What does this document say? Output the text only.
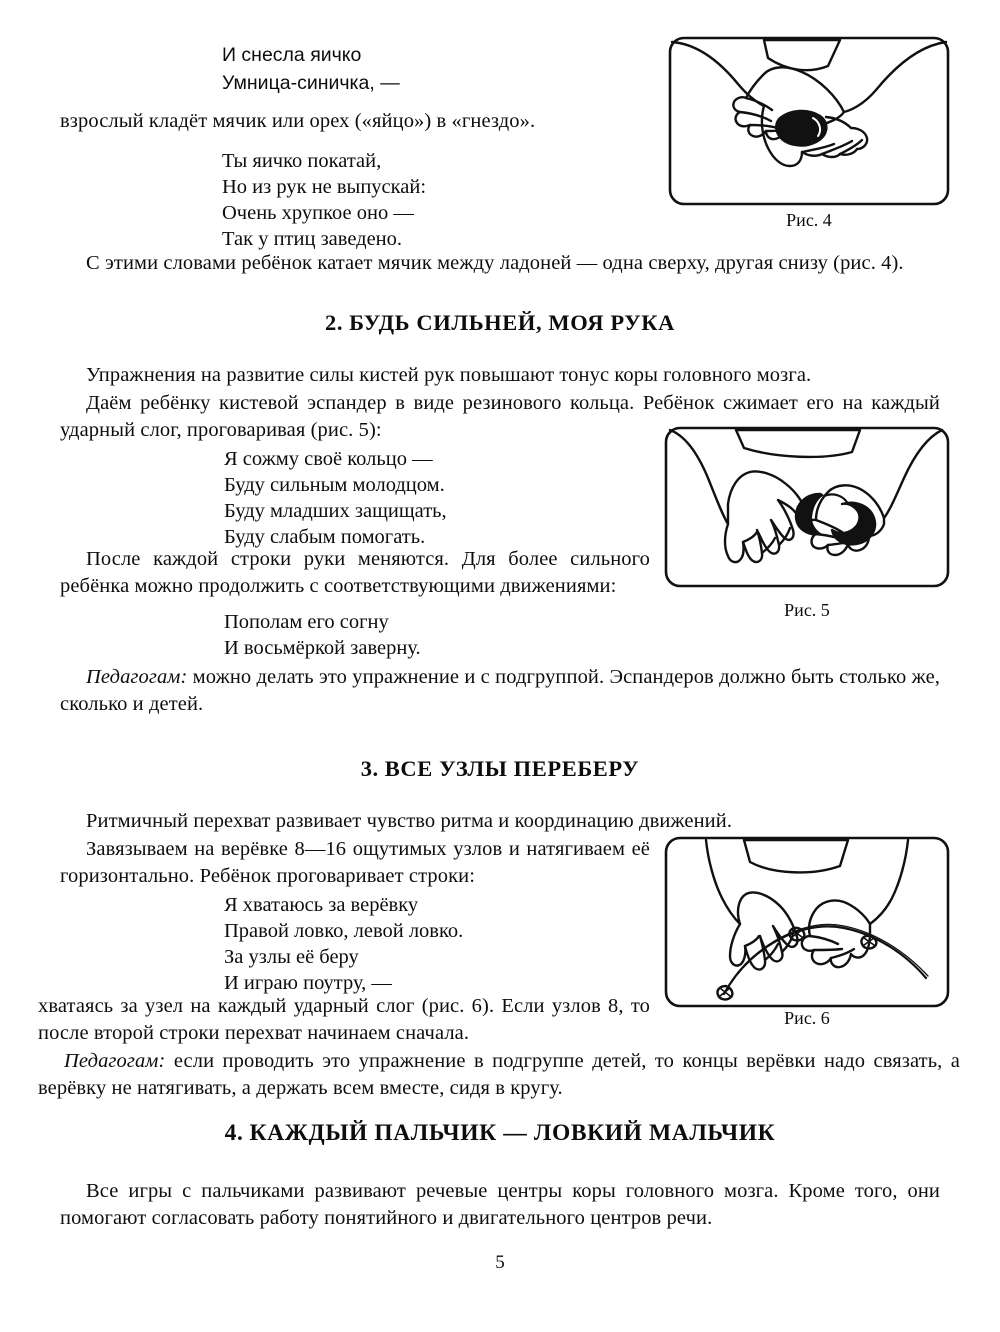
Рис. 4
Рис. 5
Рис. 6
И снесла яичко
Умница-синичка, —
взрослый кладёт мячик или орех («яйцо») в «гнездо».
Ты яичко покатай,
Но из рук не выпускай:
Очень хрупкое оно —
Так у птиц заведено.
С этими словами ребёнок катает мячик между ладоней — одна сверху, другая снизу (рис. 4).
2. БУДЬ СИЛЬНЕЙ, МОЯ РУКА
Упражнения на развитие силы кистей рук повышают тонус коры головного мозга.
Даём ребёнку кистевой эспандер в виде резинового кольца. Ребёнок сжимает его на каждый ударный слог, проговаривая (рис. 5):
Я сожму своё кольцо —
Буду сильным молодцом.
Буду младших защищать,
Буду слабым помогать.
После каждой строки руки меняются. Для более сильного ребёнка можно продолжить с соответствующими движениями:
Пополам его согну
И восьмёркой заверну.
Педагогам: можно делать это упражнение и с подгруппой. Эспандеров должно быть столько же, сколько и детей.
3. ВСЕ УЗЛЫ ПЕРЕБЕРУ
Ритмичный перехват развивает чувство ритма и координацию движений.
Завязываем на верёвке 8—16 ощутимых узлов и натягиваем её горизонтально. Ребёнок проговаривает строки:
Я хватаюсь за верёвку
Правой ловко, левой ловко.
За узлы её беру
И играю поутру, —
хватаясь за узел на каждый ударный слог (рис. 6). Если узлов 8, то после второй строки перехват начинаем сначала.
Педагогам: если проводить это упражнение в подгруппе детей, то концы верёвки надо связать, а верёвку не натягивать, а держать всем вместе, сидя в кругу.
4. КАЖДЫЙ ПАЛЬЧИК — ЛОВКИЙ МАЛЬЧИК
Все игры с пальчиками развивают речевые центры коры головного мозга. Кроме того, они помогают согласовать работу понятийного и двигательного центров речи.
5
